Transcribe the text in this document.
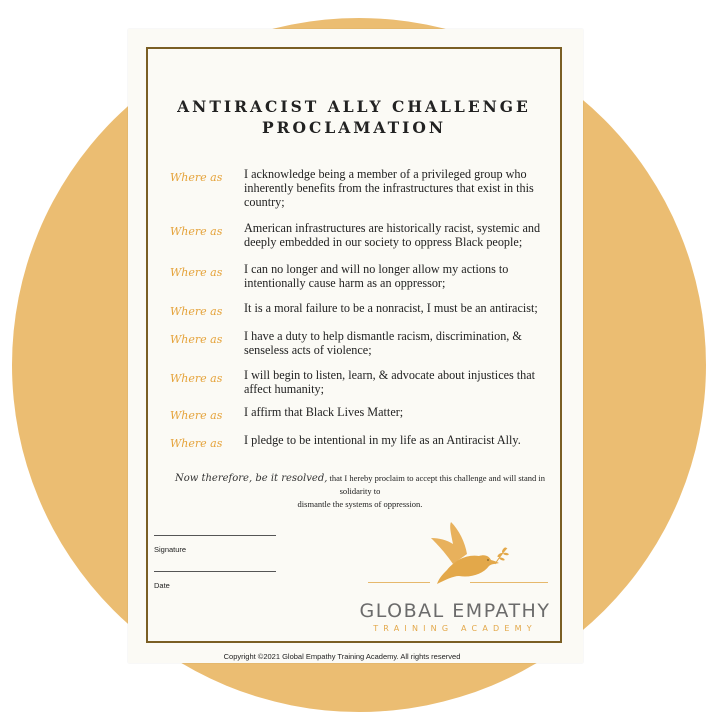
ANTIRACIST ALLY CHALLENGE
PROCLAMATION
Where as	I acknowledge being a member of a privileged group who inherently benefits from the infrastructures that exist in this country;
Where as	American infrastructures are historically racist, systemic and deeply embedded in our society to oppress Black people;
Where as	I can no longer and will no longer allow my actions to intentionally cause harm as an oppressor;
Where as	It is a moral failure to be a nonracist, I must be an antiracist;
Where as	I have a duty to help dismantle racism, discrimination, & senseless acts of violence;
Where as	I will begin to listen, learn, & advocate about injustices that affect humanity;
Where as	I affirm that Black Lives Matter;
Where as	I pledge to be intentional in my life as an Antiracist Ally.
Now therefore, be it resolved, that I hereby proclaim to accept this challenge and will stand in solidarity to
dismantle the systems of oppression.
Signature
Date
GLOBAL EMPATHY
TRAINING ACADEMY
Copyright ©2021 Global Empathy Training Academy. All rights reserved
